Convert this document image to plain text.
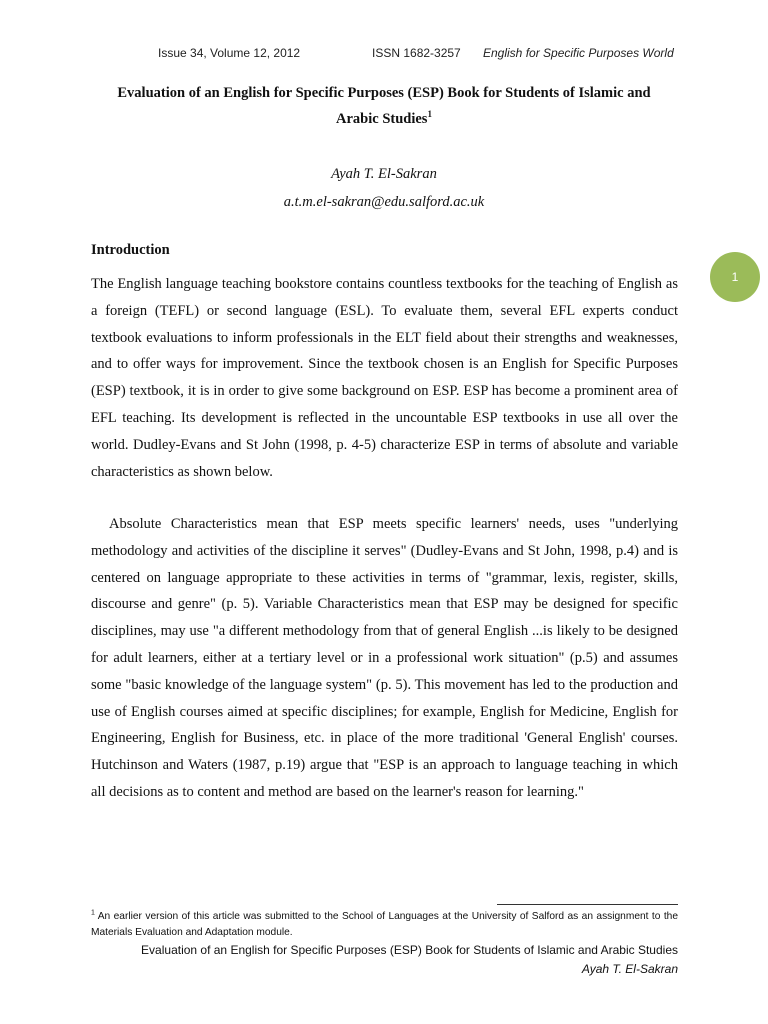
Issue 34, Volume 12, 2012	ISSN 1682-3257 English for Specific Purposes World
Evaluation of an English for Specific Purposes (ESP) Book for Students of Islamic and
Arabic Studies$^1$
Ayah T. El-Sakran
a.t.m.el-sakran@edu.salford.ac.uk
Introduction
1

The English language teaching bookstore contains countless textbooks for the teaching of English as a foreign (TEFL) or second language (ESL). To evaluate them, several EFL experts conduct textbook evaluations to inform professionals in the ELT field about their strengths and weaknesses, and to offer ways for improvement. Since the textbook chosen is an English for Specific Purposes (ESP) textbook, it is in order to give some background on ESP. ESP has become a prominent area of EFL teaching. Its development is reflected in the uncountable ESP textbooks in use all over the world. Dudley-Evans and St John (1998, p. 4-5) characterize ESP in terms of absolute and variable characteristics as shown below.

Absolute Characteristics mean that ESP meets specific learners' needs, uses "underlying methodology and activities of the discipline it serves" (Dudley-Evans and St John, 1998, p.4) and is centered on language appropriate to these activities in terms of "grammar, lexis, register, skills, discourse and genre" (p. 5). Variable Characteristics mean that ESP may be designed for specific disciplines, may use "a different methodology from that of general English ...is likely to be designed for adult learners, either at a tertiary level or in a professional work situation" (p.5) and assumes some "basic knowledge of the language system" (p. 5). This movement has led to the production and use of English courses aimed at specific disciplines; for example, English for Medicine, English for Engineering, English for Business, etc. in place of the more traditional 'General English' courses. Hutchinson and Waters (1987, p.19) argue that "ESP is an approach to language teaching in which all decisions as to content and method are based on the learner's reason for learning."

$^1$ An earlier version of this article was submitted to the School of Languages at the University of Salford as an assignment to the Materials Evaluation and Adaptation module.
Evaluation of an English for Specific Purposes (ESP) Book for Students of Islamic and Arabic Studies
Ayah T. El-Sakran
